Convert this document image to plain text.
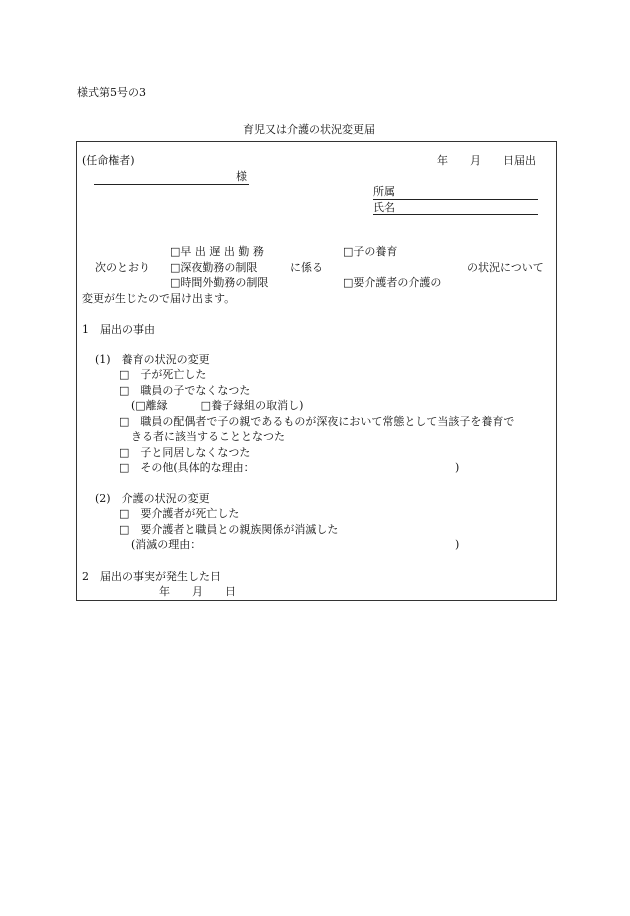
様式第5号の3
育児又は介護の状況変更届
(任命権者)	年　　月　　日届出
様
所属
氏名
□早 出 遅 出 勤 務	□子の養育
次のとおり □深夜勤務の制限	に係る	の状況について
□時間外勤務の制限	□要介護者の介護の
変更が生じたので届け出ます。
1　届出の事由
(1)　養育の状況の変更
□　子が死亡した
□　職員の子でなくなつた
(□離縁　　　□養子縁組の取消し)
□　職員の配偶者で子の親であるものが深夜において常態として当該子を養育で
きる者に該当することとなつた
□　子と同居しなくなつた
□　その他(具体的な理由：	)
(2)　介護の状況の変更
□　要介護者が死亡した
□　要介護者と職員との親族関係が消滅した
(消滅の理由：	)
2　届出の事実が発生した日
年　　月　　日
